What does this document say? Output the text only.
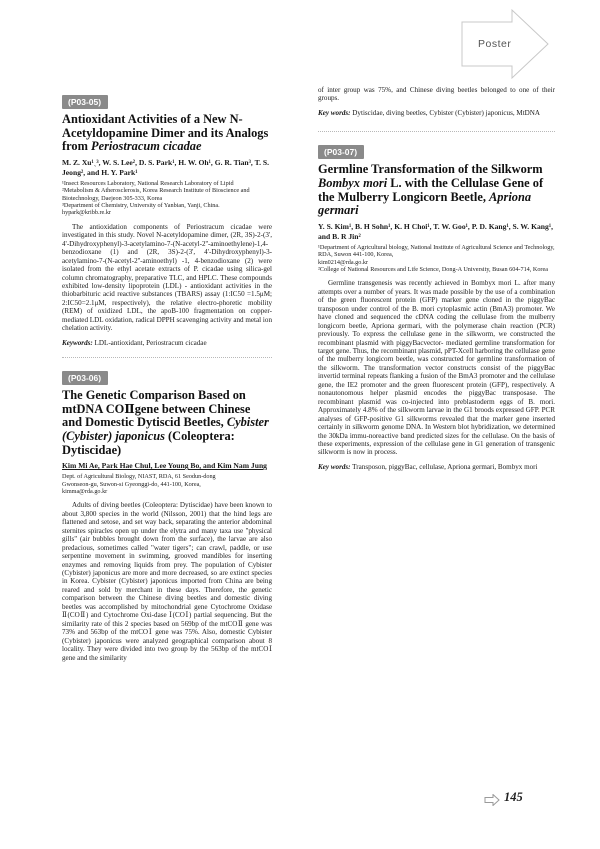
Poster
(P03-05)
Antioxidant Activities of a New N-Acetyldopamine Dimer and its Analogs from Periostracum cicadae
M. Z. Xu¹ˎ³, W. S. Lee², D. S. Park¹, H. W. Oh¹, G. R. Tian³, T. S. Jeong², and H. Y. Park¹
¹Insect Resources Laboratory, National Research Laboratory of Lipid
²Metabolism & Atherosclerosis, Korea Research Institute of Bioscience and Biotechnology, Daejeon 305-333, Korea
³Department of Chemistry, University of Yanbian, Yanji, China.
hypark@kribb.re.kr

The antioxidation components of Periostracum cicadae were investigated in this study. Novel N-acetyldopamine dimer, (2R, 3S)-2-(3', 4'-Dihydroxyphenyl)-3-acetylamino-7-(N-acetyl-2''-aminoethylene)-1,4-benzodioxane (1) and (2R, 3S)-2-(3', 4'-Dihydroxyphenyl)-3-acetylamino-7-(N-acetyl-2''-aminoethyl) -1, 4-benzodioxane (2) were isolated from the ethyl acetate extracts of P. cicadae using silica-gel column chromatography, preparative TLC, and HPLC. These compounds exhibited low-density lipoprotein (LDL) - antioxidant activities in the thiobarbituric acid reactive substances (TBARS) assay (1:IC50 =1.5μM; 2:IC50=2.1μM, respectively), the relative electro-phoretic mobility (REM) of oxidized LDL, the apoB-100 fragmentation on copper-mediated LDL oxidation, radical DPPH scavenging activity and metal ion chelation activity.

Keywords: LDL-antioxidant, Periostracum cicadae
(P03-06)
The Genetic Comparison Based on mtDNA COⅡgene between Chinese and Domestic Dytiscid Beetles, Cybister (Cybister) japonicus (Coleoptera: Dytiscidae)
Kim Mi Ae, Park Hae Chul, Lee Young Bo, and Kim Nam Jung
Dept. of Agricultural Biology, NIAST, RDA, 61 Seodun-dong
Gwonseon-gu, Suwon-si Gyeonggi-do, 441-100, Korea,
kimma@rda.go.kr

Adults of diving beetles (Coleoptera: Dytiscidae) have been known to about 3,800 species in the world (Nilsson, 2001) that the hind legs are flattened and setose, and set way back, separating the anterior abdominal sternites spiracles open up under the elytra and many taxa use "physical gills" (air bubbles brought down from the surface), the larvae are also predacious, sometimes called "water tigers"; can crawl, paddle, or use serpentine movement in swimming, grooved mandibles for inserting enzymes and removing liquids from prey. The population of Cybister (Cybister) japonicus are more and more decreased, so are extinct species in Korea. Cybister (Cybister) japonicus imported from China are being reared and sold by merchant in these days. Therefore, the genetic comparison between the Chinese diving beetles and domestic diving beetles was accomplished by mitochondrial gene Cytochrome Oxidase Ⅱ(COⅡ) and Cytochrome Oxi-dase Ⅰ(COⅠ) partial sequencing. But the similarity rate of this 2 species based on 569bp of the mtCOⅡ gene was 73% and 563bp of the mtCOⅠ gene was 75%. Also, domestic Cybister (Cybister) japonicus were analyzed geographical comparison about 8 locality. They were divided into two group by the 563bp of the mtCOⅠ gene and the similarity

of inter group was 75%, and Chinese diving beetles belonged to one of their groups.

Key words: Dytiscidae, diving beetles, Cybister (Cybister) japonicus, MtDNA
(P03-07)
Germline Transformation of the Silkworm Bombyx mori L. with the Cellulase Gene of the Mulberry Longicorn Beetle, Apriona germari
Y. S. Kim¹, B. H Sohn¹, K. H Choi¹, T. W. Goo¹, P. D. Kang¹, S. W. Kang¹, and B. R Jin²
¹Department of Agricultural biology, National Institute of Agricultural Science and Technology, RDA, Suwon 441-100, Korea,
kim0214@rda.go.kr
²College of National Resources and Life Science, Dong-A University, Busan 604-714, Korea

Germline transgenesis was recently achieved in Bombyx mori L. after many attempts over a number of years. It was made possible by the use of a combination of the green fluorescent protein (GFP) marker gene cloned in the piggyBac transposon under control of the B. mori cytoplasmic actin (BmA3) promoter. We have cloned and sequenced the cDNA coding the cellulase from the mulberry longicorn beetle, Apriona germari, with the polymerase chain reaction (PCR) previously. To express the cellulase gene in the silkworm, we constructed the recombinant plasmid with piggyBacvector- mediated germline transformation for target gene. Thus, the recombinant plasmid, pPT-Xcell harboring the cellulase gene of the mulberry longicorn beetle, was constructed for germline transformation of the silkworm. The transformation vector constructs consist of the piggyBac invertid terminal repeats flanking a fusion of the BmA3 promoter and the cellulase gene, the IE2 promoter and the green fluorescent protein (GFP), respectively. A nonautonomous helper plasmid encodes the piggyBac transposase. The recombinant plasmid was co-injected into preblastoderm eggs of B. mori. Approximately 4.8% of the silkworm larvae in the G1 broods expressed GFP. PCR analyses of GFP-positive G1 silkworms revealed that the marker gene inserted certainly in silkworm genome DNA. In Western blot hybridization, we determined the 30kDa immu-noreactive band predicted sizes for the cellulase. On the basis of these experiments, expression of the cellulase gene in G1 generation of transgenic silkworm is now in process.

Key words: Transposon, piggyBac, cellulase, Apriona germari, Bombyx mori
145
